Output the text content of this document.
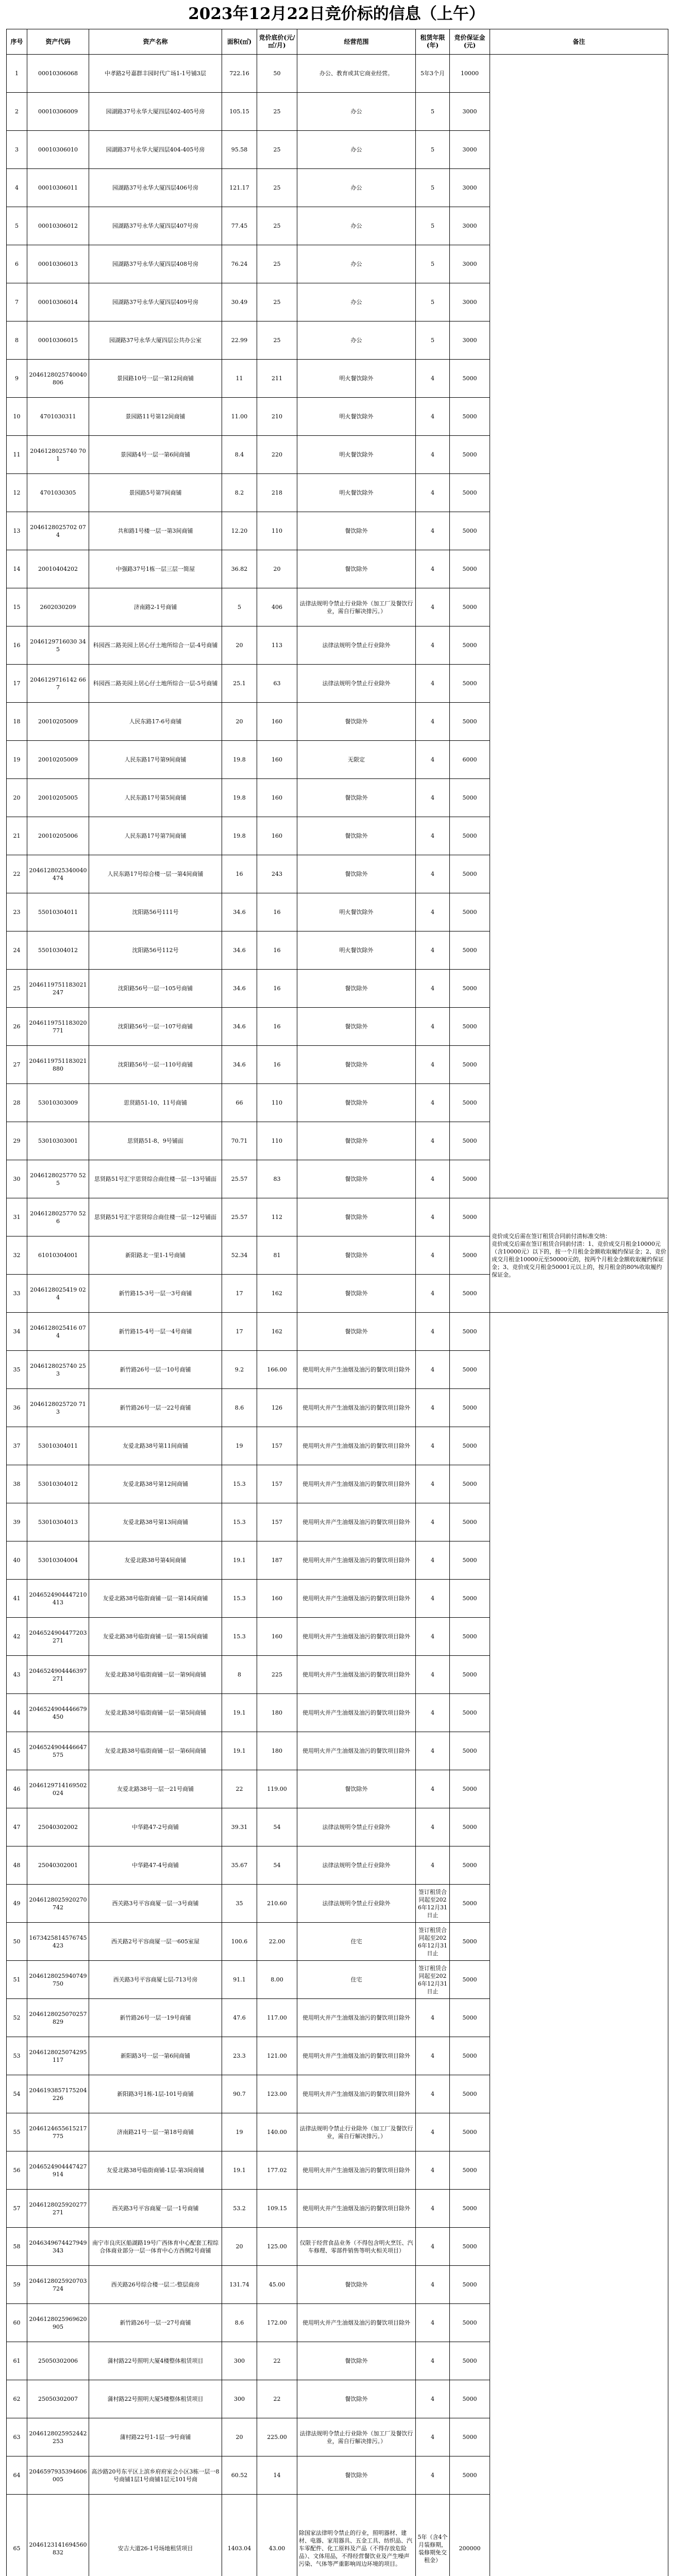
2023年12月22日竞价标的信息（上午）
序号	资产代码	资产名称	面积(㎡)	竞价底价(元/㎡/月)	经营范围	租赁年限(年)	竞价保证金(元)	备注
1	00010306068	中孝路2号嘉群丰园时代广场1-1号铺3层	722.16	50	办公、教育或其它商业经营。	5年3个月	10000	
2	00010306009	园湖路37号永华大厦四层402-405号房	105.15	25	办公	5	3000	
3	00010306010	园湖路37号永华大厦四层404-405号房	95.58	25	办公	5	3000	
4	00010306011	园湖路37号永华大厦四层406号房	121.17	25	办公	5	3000	
5	00010306012	园湖路37号永华大厦四层407号房	77.45	25	办公	5	3000	
6	00010306013	园湖路37号永华大厦四层408号房	76.24	25	办公	5	3000	
7	00010306014	园湖路37号永华大厦四层409号房	30.49	25	办公	5	3000	
8	00010306015	园湖路37号永华大厦四层公共办公室	22.99	25	办公	5	3000	
9	2046128025740040 806	景园路10号一层一第12间商铺	11	211	明火餐饮除外	4	5000	
10	4701030311	景园路11号第12间商铺	11.00	210	明火餐饮除外	4	5000	
11	2046128025740 701	景园路4号一层一第6间商铺	8.4	220	明火餐饮除外	4	5000	
12	4701030305	景园路5号第7间商铺	8.2	218	明火餐饮除外	4	5000	
13	2046128025702 074	共和路1号楼一层一第3间商铺	12.20	110	餐饮除外	4	5000	
14	20010404202	中强路37号1栋一层三层一简屋	36.82	20	餐饮除外	4	5000	
15	2602030209	济南路2-1号商铺	5	406	法律法规明令禁止行业除外（加工厂及餐饮行业，需自行解决排污。）	4	5000	
16	2046129716030 345	科园西二路美园上居心仔土地所综合一层-4号商铺	20	113	法律法规明令禁止行业除外	4	5000	
17	2046129716142 667	科园西二路美园上居心仔土地所综合一层-5号商铺	25.1	63	法律法规明令禁止行业除外	4	5000	
18	20010205009	人民东路17-6号商铺	20	160	餐饮除外	4	5000	
19	20010205009	人民东路17号第9间商铺	19.8	160	无限定	4	6000	
20	20010205005	人民东路17号第5间商铺	19.8	160	餐饮除外	4	5000	
21	20010205006	人民东路17号第7间商铺	19.8	160	餐饮除外	4	5000	
22	2046128025340040 474	人民东路17号综合楼一层一第4间商铺	16	243	餐饮除外	4	5000	
23	55010304011	沈阳路56号111号	34.6	16	明火餐饮除外	4	5000	
24	55010304012	沈阳路56号112号	34.6	16	明火餐饮除外	4	5000	
25	2046119751183021 247	沈阳路56号一层一105号商铺	34.6	16	餐饮除外	4	5000	
26	2046119751183020 771	沈阳路56号一层一107号商铺	34.6	16	餐饮除外	4	5000	
27	2046119751183021 880	沈阳路56号一层一110号商铺	34.6	16	餐饮除外	4	5000	
28	53010303009	思贤路51-10、11号商铺	66	110	餐饮除外	4	5000	
29	53010303001	思贤路51-8、9号铺面	70.71	110	餐饮除外	4	5000	
30	2046128025770 525	思贤路51号汇宇思贤综合商住楼一层一13号铺面	25.57	83	餐饮除外	4	5000	
31	2046128025770 526	思贤路51号汇宇思贤综合商住楼一层一12号铺面	25.57	112	餐饮除外	4	5000	竞价成交后需在签订租赁合同前付清标准交纳：
竞价成交后需在签订租赁合同前付清：1、竞价成交月租金10000元（含10000元）以下的，按一个月租金金额收取履约保证金；2、竞价成交月租金10000元至50000元的，按两个月租金金额收取履约保证金；3、竞价成交月租金50001元以上的，按月租金的80%收取履约保证金。
32	61010304001	新阳路北一里1-1号商铺	52.34	81	餐饮除外	4	5000	
33	2046128025419 024	新竹路15-3号一层一3号商铺	17	162	餐饮除外	4	5000	
34	2046128025416 074	新竹路15-4号一层一4号商铺	17	162	餐饮除外	4	5000	
35	2046128025740 253	新竹路26号一层一10号商铺	9.2	166.00	使用明火并产生油烟及油污的餐饮项目除外	4	5000	
36	2046128025720 713	新竹路26号一层一22号商铺	8.6	126	使用明火并产生油烟及油污的餐饮项目除外	4	5000	
37	53010304011	友爱北路38号第11间商铺	19	157	使用明火并产生油烟及油污的餐饮项目除外	4	5000	
38	53010304012	友爱北路38号第12间商铺	15.3	157	使用明火并产生油烟及油污的餐饮项目除外	4	5000	
39	53010304013	友爱北路38号第13间商铺	15.3	157	使用明火并产生油烟及油污的餐饮项目除外	4	5000	
40	53010304004	友爱北路38号第4间商铺	19.1	187	使用明火并产生油烟及油污的餐饮项目除外	4	5000	
41	2046524904447210 413	友爱北路38号临街商铺一层一第14间商铺	15.3	160	使用明火并产生油烟及油污的餐饮项目除外	4	5000	
42	2046524904477203 271	友爱北路38号临街商铺一层一第15间商铺	15.3	160	使用明火并产生油烟及油污的餐饮项目除外	4	5000	
43	2046524904446397 271	友爱北路38号临街商铺一层一第9间商铺	8	225	使用明火并产生油烟及油污的餐饮项目除外	4	5000	
44	2046524904446679 450	友爱北路38号临街商铺一层一第5间商铺	19.1	180	使用明火并产生油烟及油污的餐饮项目除外	4	5000	
45	2046524904446647 575	友爱北路38号临街商铺一层一第6间商铺	19.1	180	使用明火并产生油烟及油污的餐饮项目除外	4	5000	
46	2046129714169502 024	友爱北路38号一层一21号商铺	22	119.00	餐饮除外	4	5000	
47	25040302002	中华路47-2号商铺	39.31	54	法律法规明令禁止行业除外	4	5000	
48	25040302001	中华路47-4号商铺	35.67	54	法律法规明令禁止行业除外	4	5000	
49	2046128025920270 742	西关路3号平容商厦一层一3号商铺	35	210.60	法律法规明令禁止行业除外	签订租赁合同起至2026年12月31日止	5000	
50	1673425814576745 423	西关路2号平容商厦一层一605室屋	100.6	22.00	住宅	签订租赁合同起至2026年12月31日止	5000	
51	2046128025940749 750	西关路3号平容商厦七层-713号房	91.1	8.00	住宅	签订租赁合同起至2026年12月31日止	5000	
52	2046128025070257 829	新竹路26号一层一19号商铺	47.6	117.00	使用明火并产生油烟及油污的餐饮项目除外	4	5000	
53	2046128025074295 117	新阳路3号一层一第6间商铺	23.3	121.00	使用明火并产生油烟及油污的餐饮项目除外	4	5000	
54	2046193857175204 226	新阳路3号1栋-1层-101号商铺	90.7	123.00	使用明火并产生油烟及油污的餐饮项目除外	4	5000	
55	2046124655615217 775	济南路21号一层一第18号商铺	19	140.00	法律法规明令禁止行业除外（加工厂及餐饮行业，需自行解决排污。）	4	5000	
56	2046524904447427 914	友爱北路38号临街商铺-1层-第3间商铺	19.1	177.02	使用明火并产生油烟及油污的餐饮项目除外	4	5000	
57	2046128025920277 271	西关路3号平容商厦一层一1号商铺	53.2	109.15	使用明火并产生油烟及油污的餐饮项目除外	4	5000	
58	2046349674427949 343	南宁市良庆区船湖路19号广西体育中心配套工程综合体商业部分一层一体育中心方西侧2号商铺	20	125.00	仅限于经营食品业务（不得包含明火烹饪、汽车修理、零部件销售等明火相关项目）	4	5000	
59	2046128025920703 724	西关路26号综合楼一层二-整层商房	131.74	45.00	餐饮除外	4	5000	
60	2046128025969620 905	新竹路26号一层一27号商铺	8.6	172.00	使用明火并产生油烟及油污的餐饮项目除外	4	5000	
61	25050302006	蒲村路22号照明大厦4楼整体租赁项目	300	22	餐饮除外	4	5000	
62	25050302007	蒲村路22号照明大厦5楼整体租赁项目	300	22	餐饮除外	4	5000	
63	2046128025952442 253	蒲村路22号1-1层一9号商铺	20	225.00	法律法规明令禁止行业除外（加工厂及餐饮行业，需自行解决排污。）	4	5000	
64	2046597935394606 005	高沙路20号东平区上滨乡府府室会小区3栋一层一8号商铺1层1号商铺1层元101号商	60.52	14	餐饮除外	4	5000	
65	2046123141694560 832	安吉大道26-1号场地租赁项目	1403.04	43.00	除国家法律明令禁止的行业，照明器材、建材、电器、家用器具、五金工具、纺织品、汽车零配件、化工原料及产品（不得存放危险品）、文体用品，不得经营餐饮业及产生噪声污染、气体等严重影响周边环境的项目。	5年（含4个月装修期，装修期免交租金）	200000	
